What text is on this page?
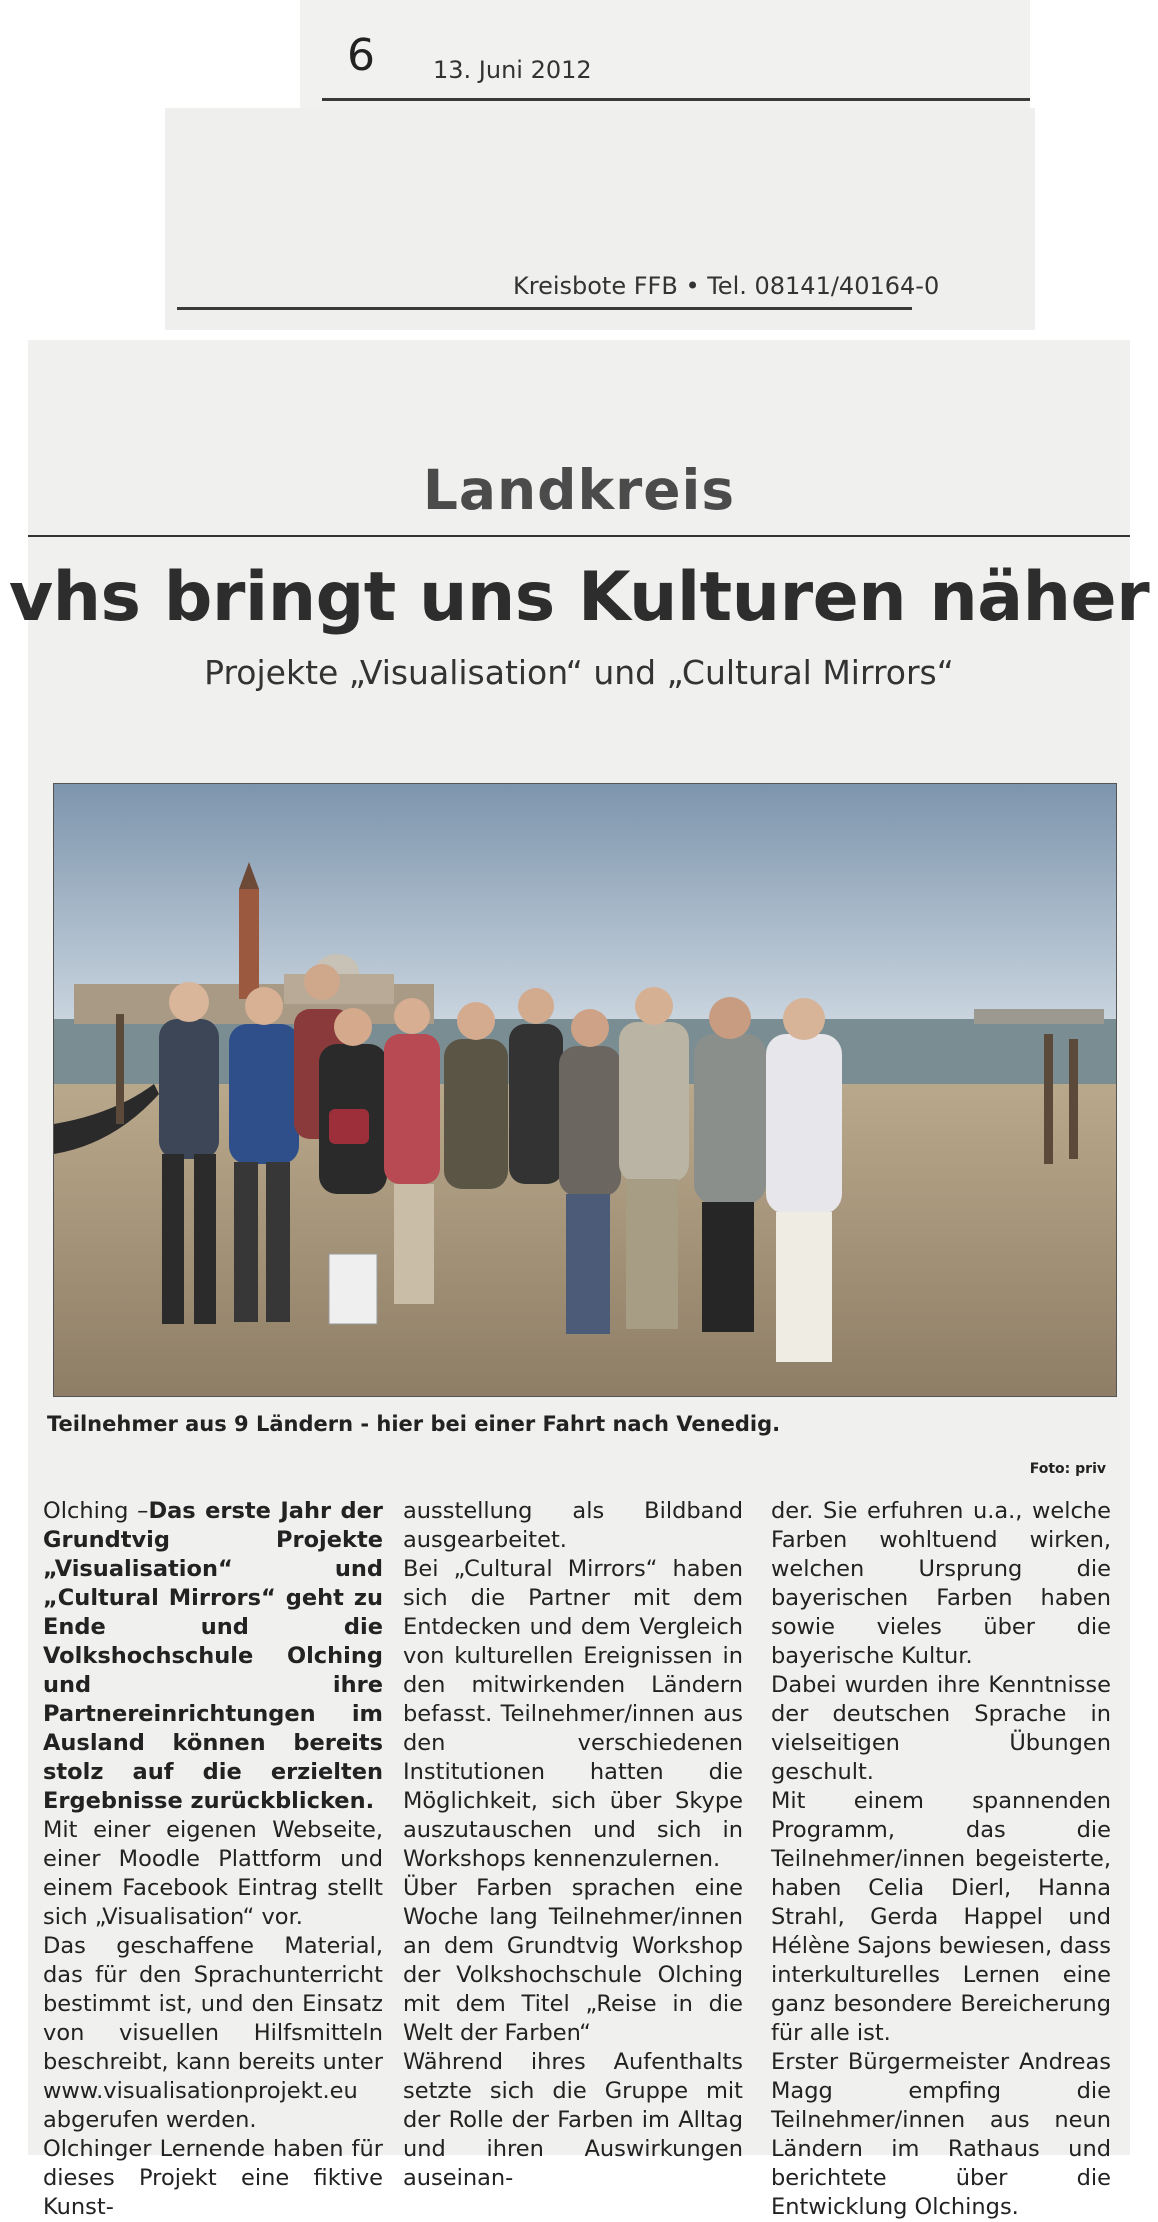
6 13. Juni 2012
Kreisbote FFB • Tel. 08141/40164-0
Landkreis
vhs bringt uns Kulturen näher
Projekte „Visualisation“ und „Cultural Mirrors“
Teilnehmer aus 9 Ländern - hier bei einer Fahrt nach Venedig.
Foto: priv

Olching –Das erste Jahr der Grundtvig Projekte „Visualisation“ und „Cultural Mirrors“ geht zu Ende und die Volkshochschule Olching und ihre Partnereinrichtungen im Ausland können bereits stolz auf die erzielten Ergebnisse zurückblicken.

Mit einer eigenen Webseite, einer Moodle Plattform und einem Facebook Eintrag stellt sich „Visualisation“ vor.

Das geschaffene Material, das für den Sprachunterricht bestimmt ist, und den Einsatz von visuellen Hilfsmitteln beschreibt, kann bereits unter www.visualisationprojekt.eu abgerufen werden.

Olchinger Lernende haben für dieses Projekt eine fiktive Kunst-

ausstellung als Bildband ausgearbeitet.

Bei „Cultural Mirrors“ haben sich die Partner mit dem Entdecken und dem Vergleich von kulturellen Ereignissen in den mitwirkenden Ländern befasst. Teilnehmer/innen aus den verschiedenen Institutionen hatten die Möglichkeit, sich über Skype auszutauschen und sich in Workshops kennenzulernen.

Über Farben sprachen eine Woche lang Teilnehmer/innen an dem Grundtvig Workshop der Volkshochschule Olching mit dem Titel „Reise in die Welt der Farben“

Während ihres Aufenthalts setzte sich die Gruppe mit der Rolle der Farben im Alltag und ihren Auswirkungen auseinan-

der. Sie erfuhren u.a., welche Farben wohltuend wirken, welchen Ursprung die bayerischen Farben haben sowie vieles über die bayerische Kultur.

Dabei wurden ihre Kenntnisse der deutschen Sprache in vielseitigen Übungen geschult.

Mit einem spannenden Programm, das die Teilnehmer/innen begeisterte, haben Celia Dierl, Hanna Strahl, Gerda Happel und Hélène Sajons bewiesen, dass interkulturelles Lernen eine ganz besondere Bereicherung für alle ist.

Erster Bürgermeister Andreas Magg empfing die Teilnehmer/innen aus neun Ländern im Rathaus und berichtete über die Entwicklung Olchings.
